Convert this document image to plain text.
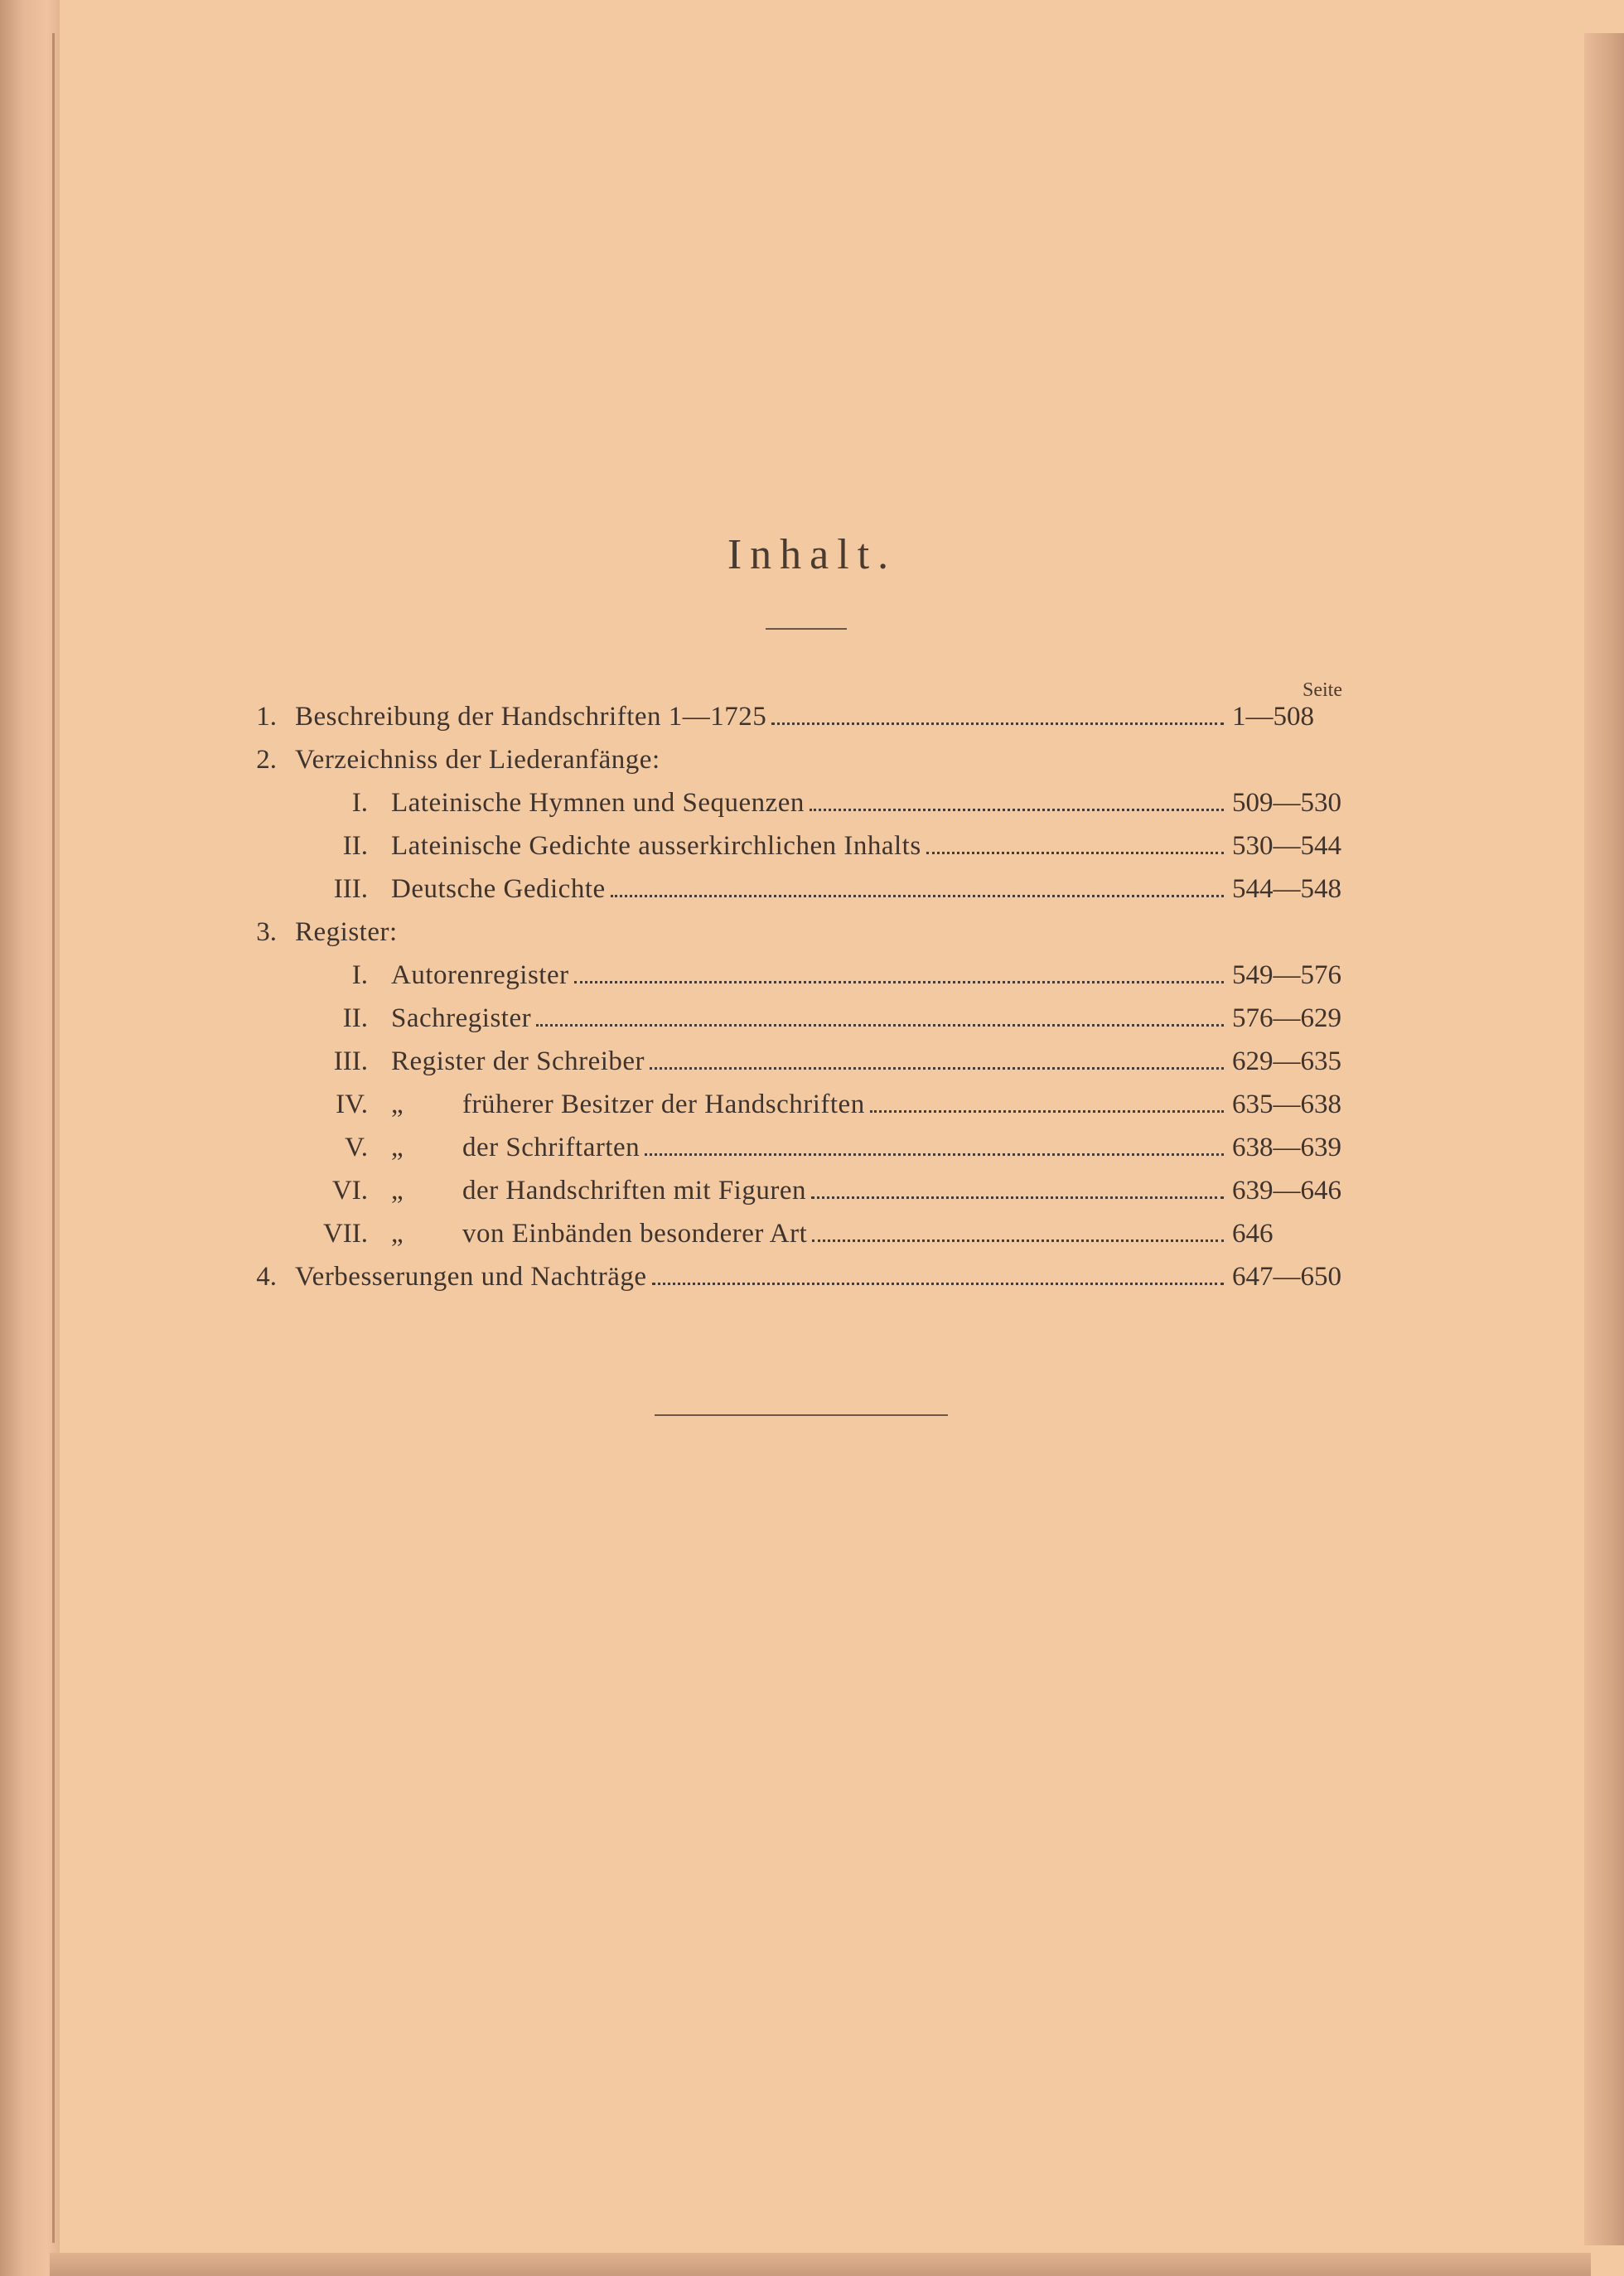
Inhalt.
Seite
1. Beschreibung der Handschriften 1—1725	1—508
2. Verzeichniss der Liederanfänge:
I. Lateinische Hymnen und Sequenzen	509—530
II. Lateinische Gedichte ausserkirchlichen Inhalts	530—544
III. Deutsche Gedichte	544—548
3. Register:
I. Autorenregister	549—576
II. Sachregister	576—629
III. Register der Schreiber	629—635
IV. „	früherer Besitzer der Handschriften	635—638
V. „	der Schriftarten	638—639
VI. „	der Handschriften mit Figuren	639—646
VII. „	von Einbänden besonderer Art	646
4. Verbesserungen und Nachträge	647—650
